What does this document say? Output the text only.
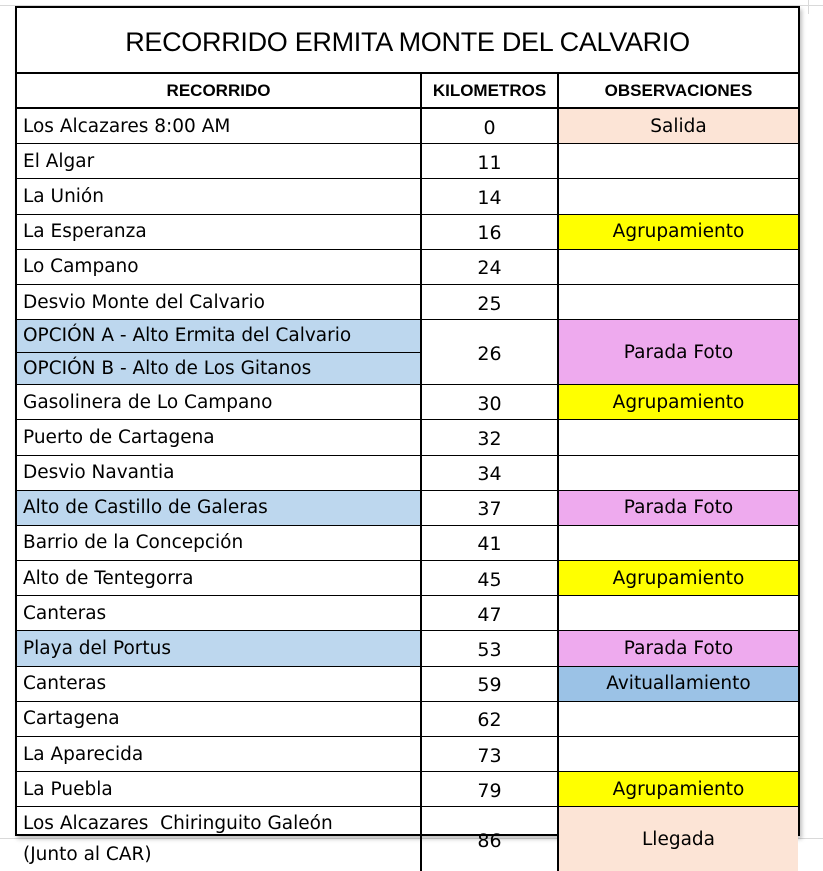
RECORRIDO ERMITA MONTE DEL CALVARIO
RECORRIDO	KILOMETROS	OBSERVACIONES
Los Alcazares 8:00 AM	0	Salida

El Algar	11	

La Unión	14	

La Esperanza	16	Agrupamiento

Lo Campano	24	

Desvio Monte del Calvario	25	

OPCIÓN A - Alto Ermita del Calvario
OPCIÓN B - Alto de Los Gitanos	26	Parada Foto

Gasolinera de Lo Campano	30	Agrupamiento

Puerto de Cartagena	32	

Desvio Navantia	34	

Alto de Castillo de Galeras	37	Parada Foto

Barrio de la Concepción	41	

Alto de Tentegorra	45	Agrupamiento

Canteras	47	

Playa del Portus	53	Parada Foto

Canteras	59	Avituallamiento

Cartagena	62	

La Aparecida	73	

La Puebla	79	Agrupamiento

Los Alcazares  Chiringuito Galeón
(Junto al CAR)	86	Llegada
